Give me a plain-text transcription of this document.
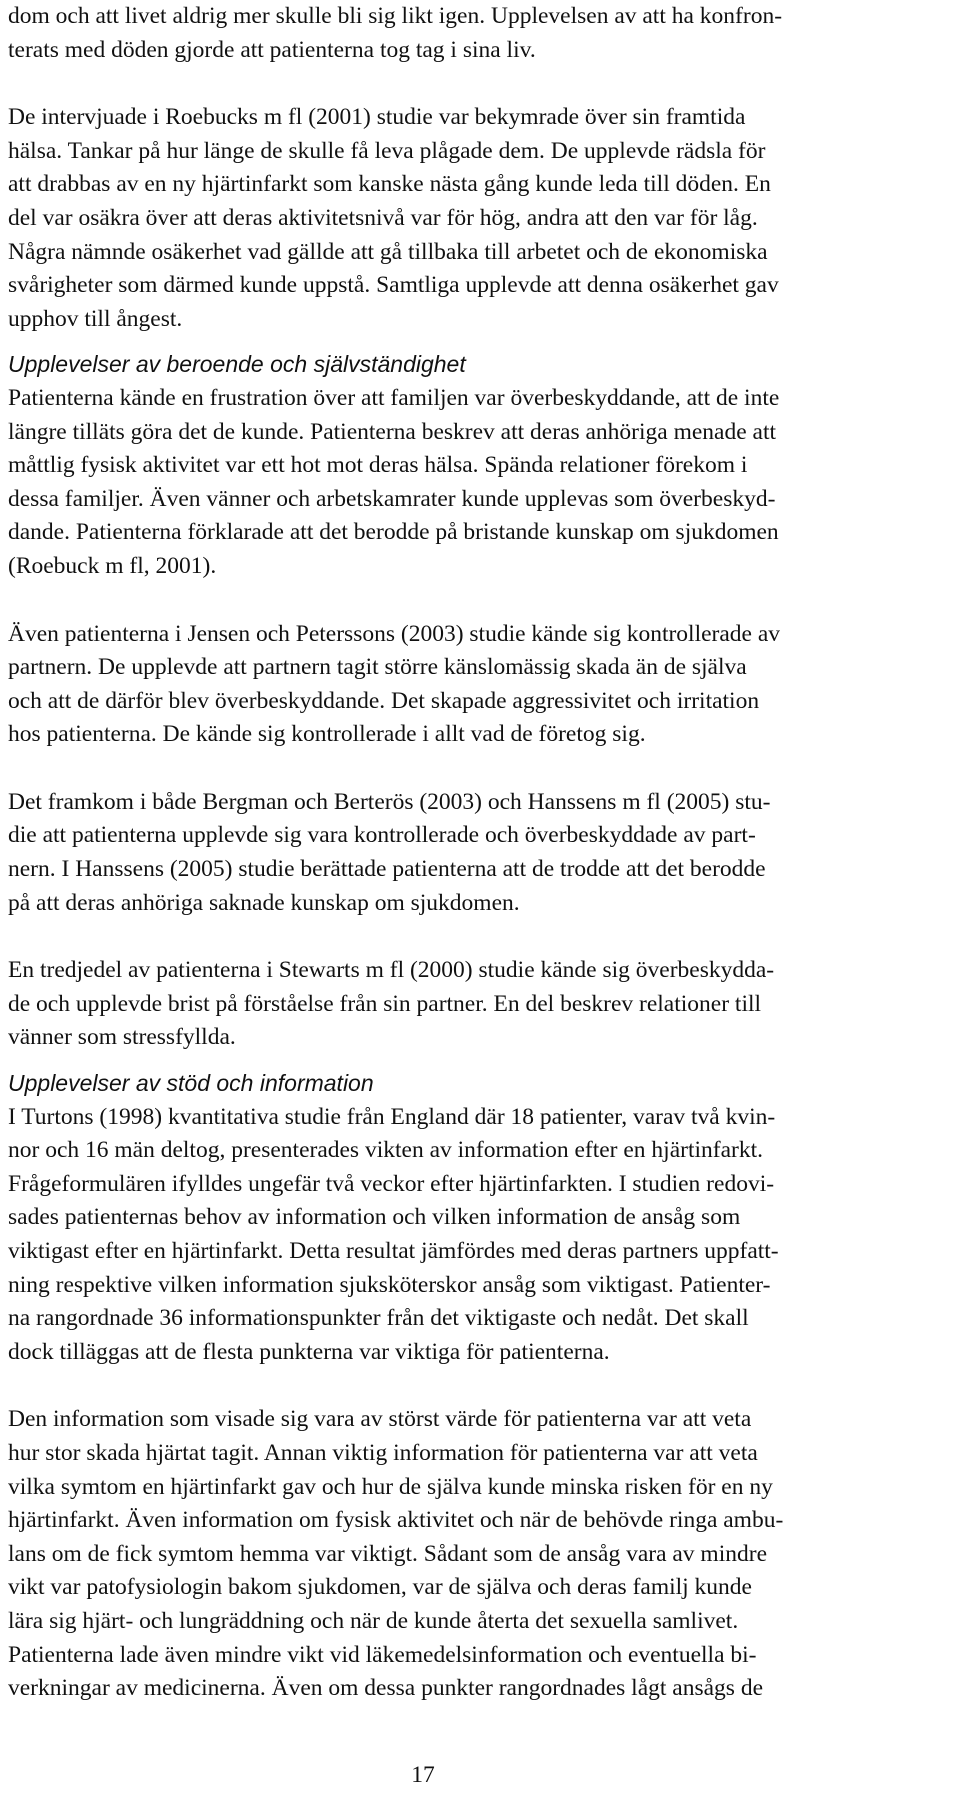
dom och att livet aldrig mer skulle bli sig likt igen. Upplevelsen av att ha konfron-
terats med döden gjorde att patienterna tog tag i sina liv.
De intervjuade i Roebucks m fl (2001) studie var bekymrade över sin framtida
hälsa. Tankar på hur länge de skulle få leva plågade dem. De upplevde rädsla för
att drabbas av en ny hjärtinfarkt som kanske nästa gång kunde leda till döden. En
del var osäkra över att deras aktivitetsnivå var för hög, andra att den var för låg.
Några nämnde osäkerhet vad gällde att gå tillbaka till arbetet och de ekonomiska
svårigheter som därmed kunde uppstå. Samtliga upplevde att denna osäkerhet gav
upphov till ångest.
Upplevelser av beroende och självständighet
Patienterna kände en frustration över att familjen var överbeskyddande, att de inte
längre tilläts göra det de kunde. Patienterna beskrev att deras anhöriga menade att
måttlig fysisk aktivitet var ett hot mot deras hälsa. Spända relationer förekom i
dessa familjer. Även vänner och arbetskamrater kunde upplevas som överbeskyd-
dande. Patienterna förklarade att det berodde på bristande kunskap om sjukdomen
(Roebuck m fl, 2001).
Även patienterna i Jensen och Peterssons (2003) studie kände sig kontrollerade av
partnern. De upplevde att partnern tagit större känslomässig skada än de själva
och att de därför blev överbeskyddande. Det skapade aggressivitet och irritation
hos patienterna. De kände sig kontrollerade i allt vad de företog sig.
Det framkom i både Bergman och Berterös (2003) och Hanssens m fl (2005) stu-
die att patienterna upplevde sig vara kontrollerade och överbeskyddade av part-
nern. I Hanssens (2005) studie berättade patienterna att de trodde att det berodde
på att deras anhöriga saknade kunskap om sjukdomen.
En tredjedel av patienterna i Stewarts m fl (2000) studie kände sig överbeskydda-
de och upplevde brist på förståelse från sin partner. En del beskrev relationer till
vänner som stressfyllda.
Upplevelser av stöd och information
I Turtons (1998) kvantitativa studie från England där 18 patienter, varav två kvin-
nor och 16 män deltog, presenterades vikten av information efter en hjärtinfarkt.
Frågeformulären ifylldes ungefär två veckor efter hjärtinfarkten. I studien redovi-
sades patienternas behov av information och vilken information de ansåg som
viktigast efter en hjärtinfarkt. Detta resultat jämfördes med deras partners uppfatt-
ning respektive vilken information sjuksköterskor ansåg som viktigast. Patienter-
na rangordnade 36 informationspunkter från det viktigaste och nedåt. Det skall
dock tilläggas att de flesta punkterna var viktiga för patienterna.
Den information som visade sig vara av störst värde för patienterna var att veta
hur stor skada hjärtat tagit. Annan viktig information för patienterna var att veta
vilka symtom en hjärtinfarkt gav och hur de själva kunde minska risken för en ny
hjärtinfarkt. Även information om fysisk aktivitet och när de behövde ringa ambu-
lans om de fick symtom hemma var viktigt. Sådant som de ansåg vara av mindre
vikt var patofysiologin bakom sjukdomen, var de själva och deras familj kunde
lära sig hjärt- och lungräddning och när de kunde återta det sexuella samlivet.
Patienterna lade även mindre vikt vid läkemedelsinformation och eventuella bi-
verkningar av medicinerna. Även om dessa punkter rangordnades lågt ansågs de
17
